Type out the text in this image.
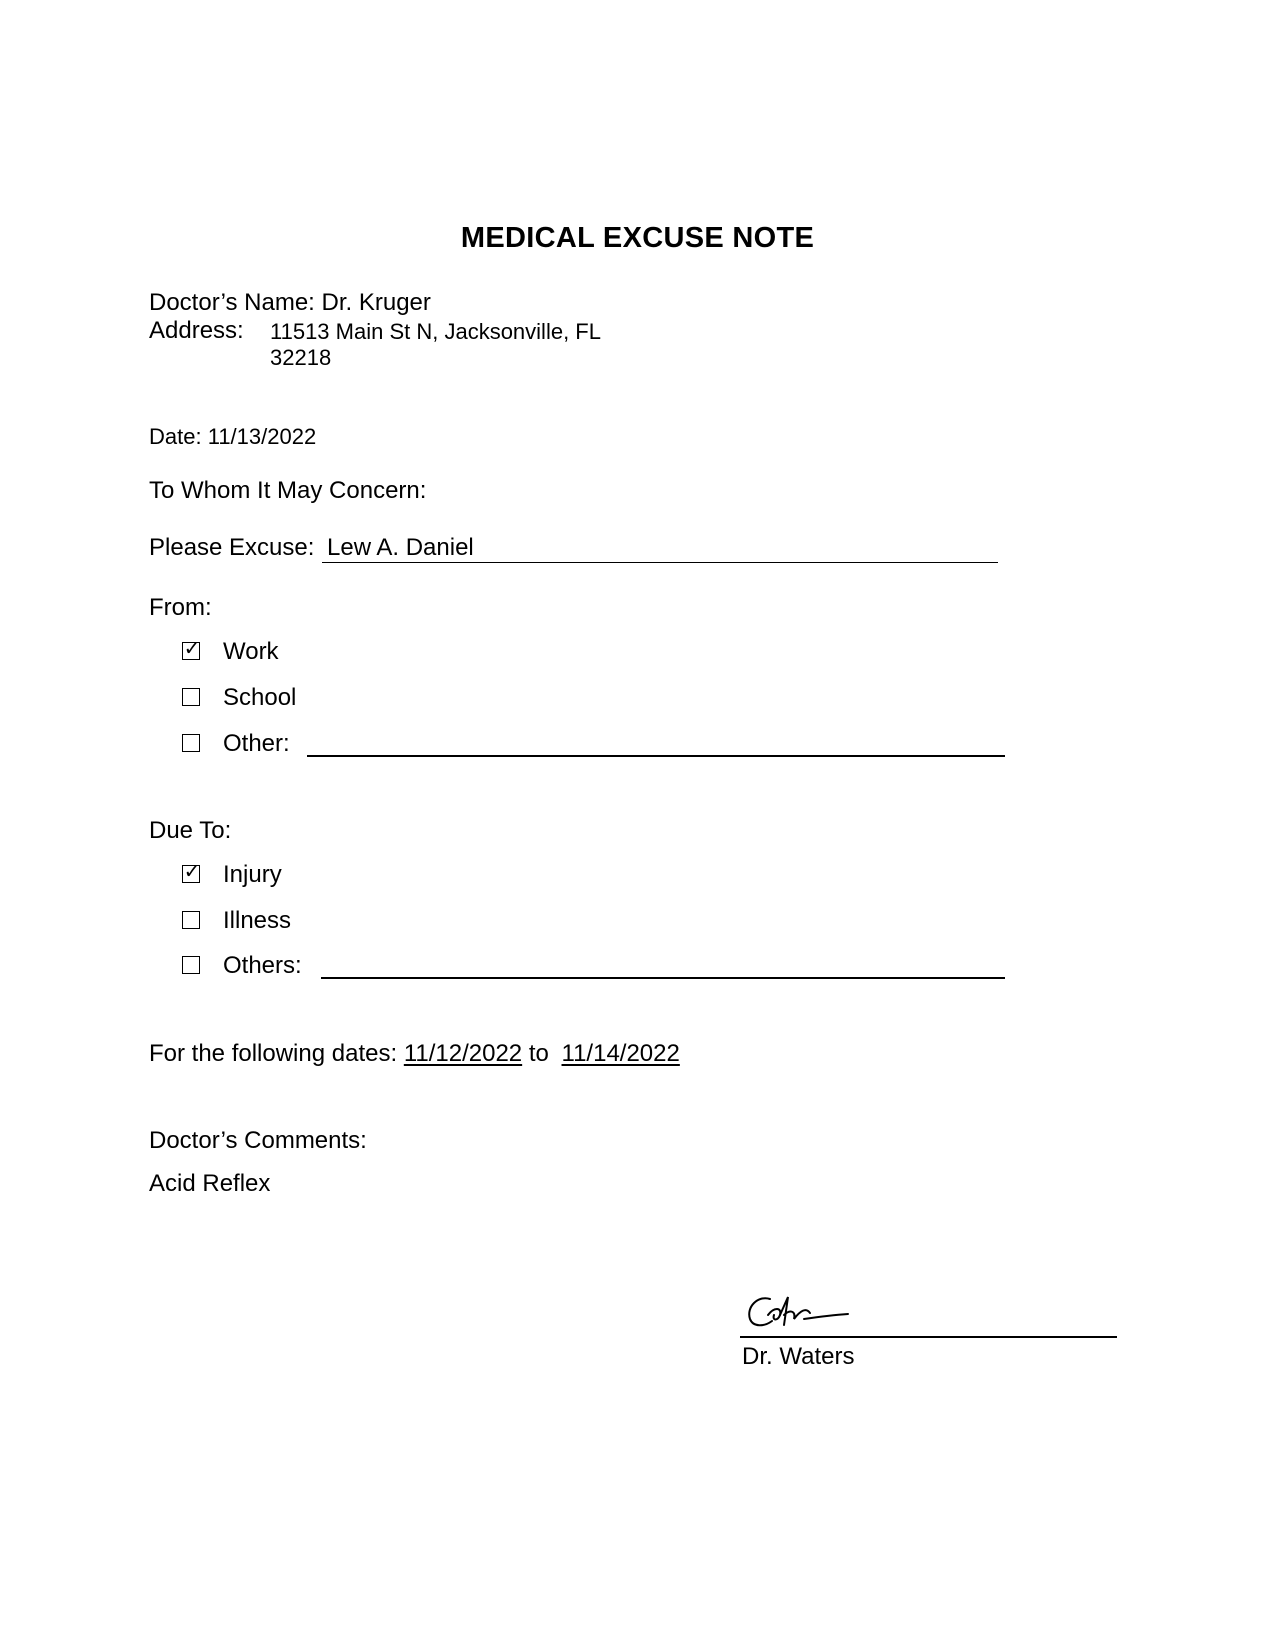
MEDICAL EXCUSE NOTE
Doctor’s Name: Dr. Kruger
Address: 11513 Main St N, Jacksonville, FL
32218
Date: 11/13/2022
To Whom It May Concern:
Please Excuse: Lew A. Daniel
From:
✓ Work
School
Other:
Due To:
✓ Injury
Illness
Others:
For the following dates: 11/12/2022 to 11/14/2022
Doctor’s Comments:
Acid Reflex
Dr. Waters
